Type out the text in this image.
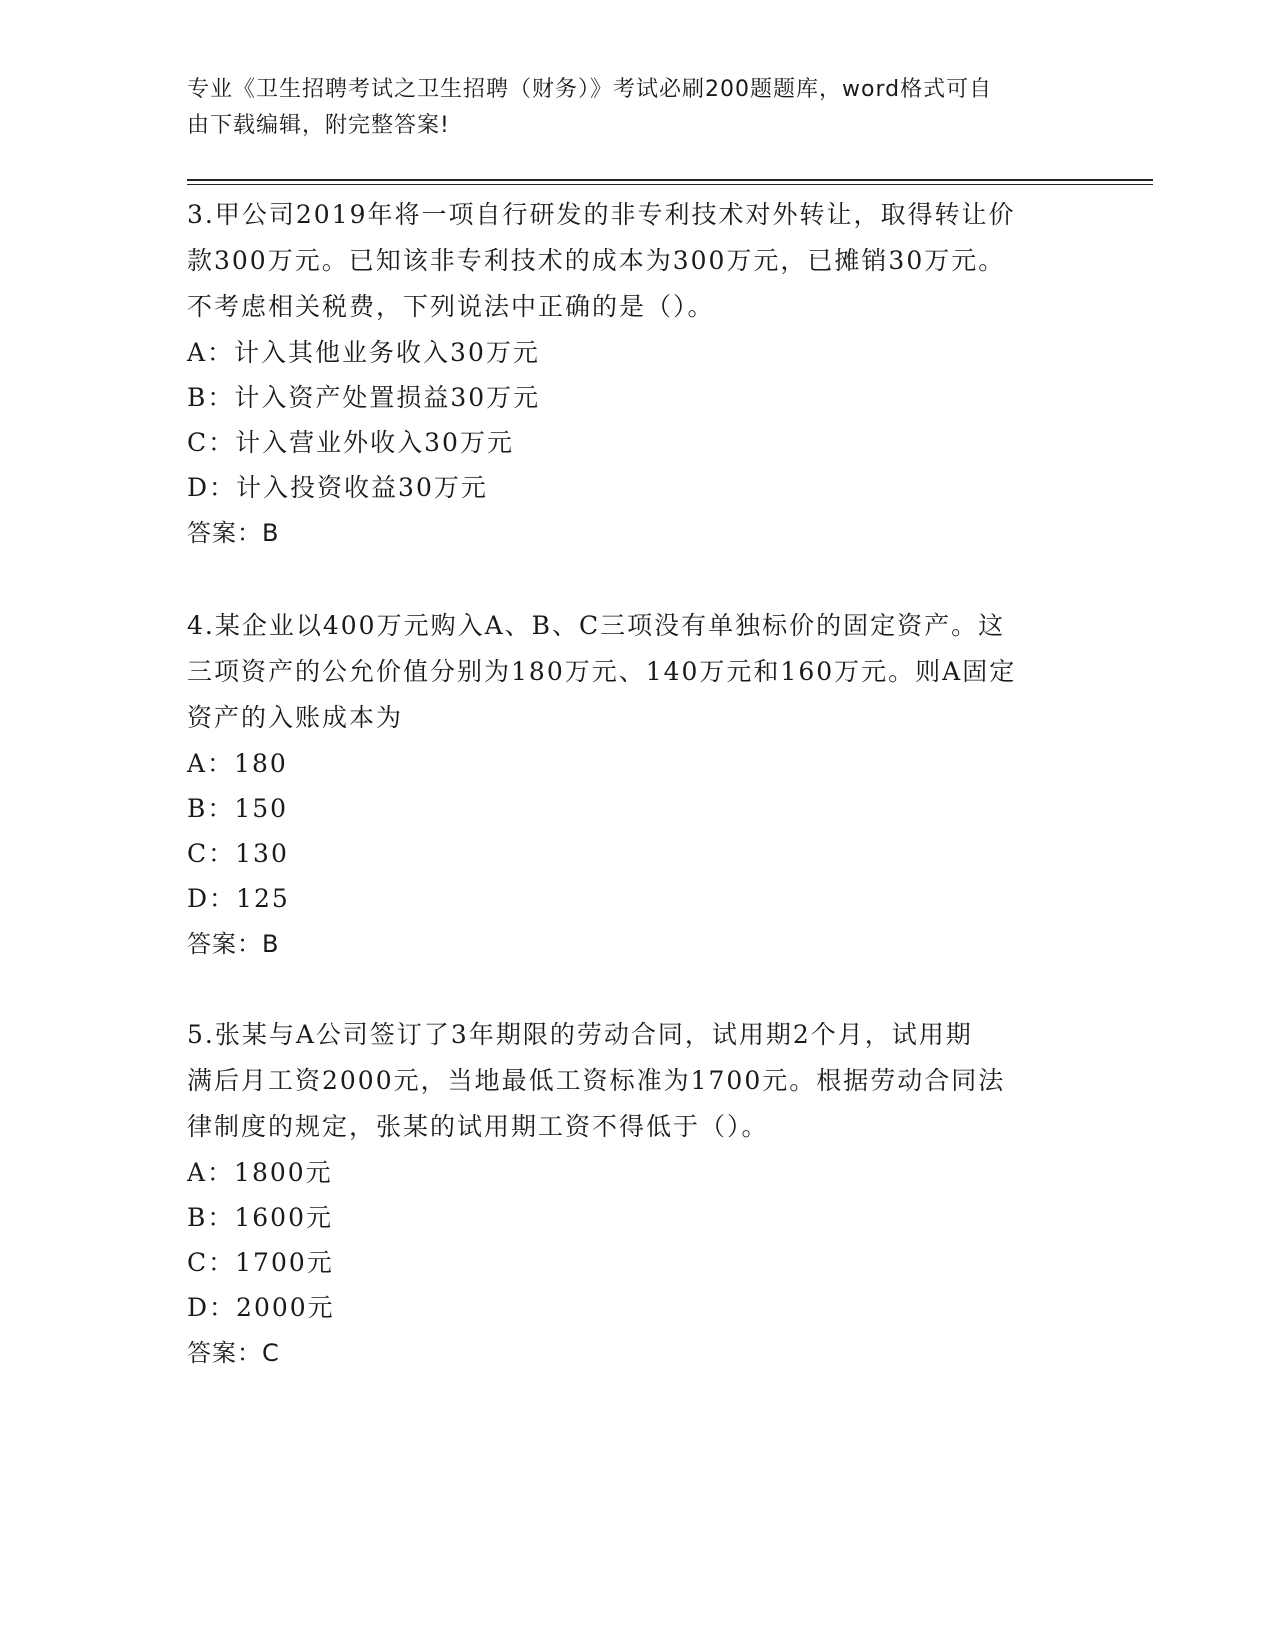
专业《卫生招聘考试之卫生招聘（财务）》考试必刷200题题库，word格式可自
由下载编辑，附完整答案!
3.甲公司2019年将一项自行研发的非专利技术对外转让，取得转让价
款300万元。已知该非专利技术的成本为300万元，已摊销30万元。
不考虑相关税费，下列说法中正确的是（）。
A：计入其他业务收入30万元
B：计入资产处置损益30万元
C：计入营业外收入30万元
D：计入投资收益30万元
答案：B
4.某企业以400万元购入A、B、C三项没有单独标价的固定资产。这
三项资产的公允价值分别为180万元、140万元和160万元。则A固定
资产的入账成本为
A：180
B：150
C：130
D：125
答案：B
5.张某与A公司签订了3年期限的劳动合同，试用期2个月，试用期
满后月工资2000元，当地最低工资标准为1700元。根据劳动合同法
律制度的规定，张某的试用期工资不得低于（）。
A：1800元
B：1600元
C：1700元
D：2000元
答案：C
